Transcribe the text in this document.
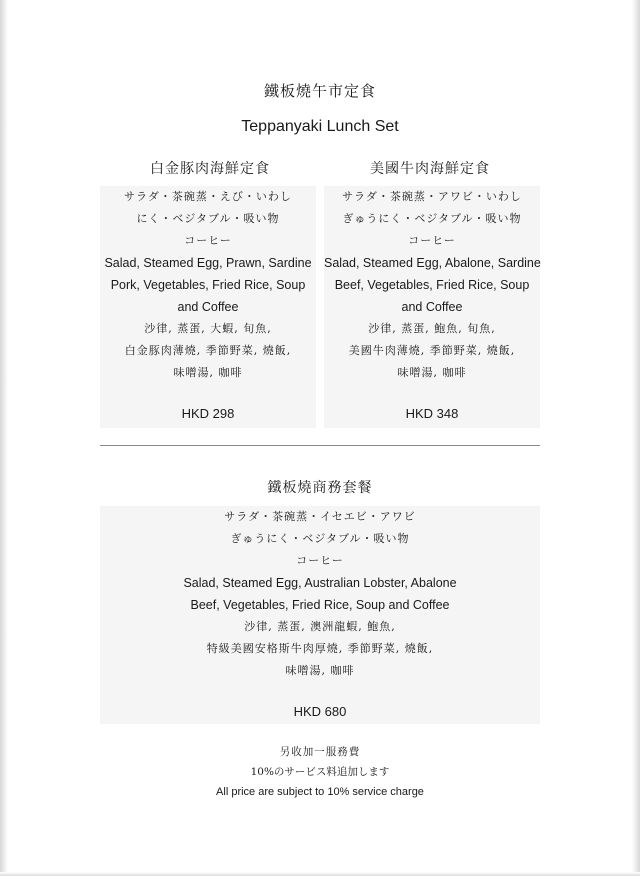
鐵板燒午市定食
Teppanyaki Lunch Set
白金豚肉海鮮定食
サラダ・茶碗蒸・えび・いわし
にく・ベジタブル・吸い物
コーヒー
Salad, Steamed Egg, Prawn, Sardine
Pork, Vegetables, Fried Rice, Soup
and Coffee
沙律, 蒸蛋, 大蝦, 旬魚,
白金豚肉薄燒, 季節野菜, 燒飯,
味噌湯, 咖啡
HKD 298
美國牛肉海鮮定食
サラダ・茶碗蒸・アワビ・いわし
ぎゅうにく・ベジタブル・吸い物
コーヒー
Salad, Steamed Egg, Abalone, Sardine
Beef, Vegetables, Fried Rice, Soup
and Coffee
沙律, 蒸蛋, 鮑魚, 旬魚,
美國牛肉薄燒, 季節野菜, 燒飯,
味噌湯, 咖啡
HKD 348
鐵板燒商務套餐
サラダ・茶碗蒸・イセエビ・アワビ
ぎゅうにく・ベジタブル・吸い物
コーヒー
Salad, Steamed Egg, Australian Lobster, Abalone
Beef, Vegetables, Fried Rice, Soup and Coffee
沙律, 蒸蛋, 澳洲龍蝦, 鮑魚,
特級美國安格斯牛肉厚燒, 季節野菜, 燒飯,
味噌湯, 咖啡
HKD 680
另收加一服務費
10%のサービス料追加します
All price are subject to 10% service charge
